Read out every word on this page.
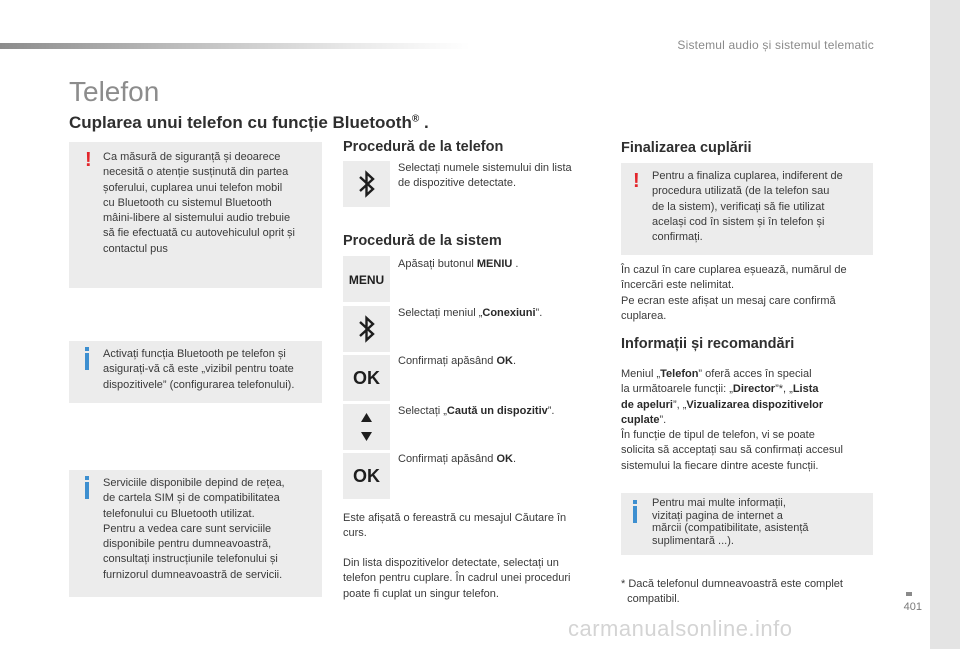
Sistemul audio și sistemul telematic
401
carmanualsonline.info
Telefon
Cuplarea unui telefon cu funcție Bluetooth® .
! Ca măsură de siguranță și deoarece
necesită o atenție susținută din partea
șoferului, cuplarea unui telefon mobil
cu Bluetooth cu sistemul Bluetooth
mâini-libere al sistemului audio trebuie
să fie efectuată cu autovehiculul oprit și
contactul pus
Activați funcția Bluetooth pe telefon și
asigurați-vă că este „vizibil pentru toate
dispozitivele” (configurarea telefonului).
Serviciile disponibile depind de rețea,
de cartela SIM și de compatibilitatea
telefonului cu Bluetooth utilizat.
Pentru a vedea care sunt serviciile
disponibile pentru dumneavoastră,
consultați instrucțiunile telefonului și
furnizorul dumneavoastră de servicii.
Procedură de la telefon
Selectați numele sistemului din lista
de dispozitive detectate.
Procedură de la sistem
MENU
Apăsați butonul MENIU .
Selectați meniul „Conexiuni”.
OK
Confirmați apăsând OK.
Selectați „Caută un dispozitiv”.
OK
Confirmați apăsând OK.
Este afișată o fereastră cu mesajul Căutare în
curs.
Din lista dispozitivelor detectate, selectați un
telefon pentru cuplare. În cadrul unei proceduri
poate fi cuplat un singur telefon.
Finalizarea cuplării
! Pentru a finaliza cuplarea, indiferent de
procedura utilizată (de la telefon sau
de la sistem), verificați să fie utilizat
același cod în sistem și în telefon și
confirmați.
În cazul în care cuplarea eșuează, numărul de
încercări este nelimitat.
Pe ecran este afișat un mesaj care confirmă
cuplarea.
Informații și recomandări
Meniul „Telefon” oferă acces în special
la următoarele funcții: „Director”*, „Lista
de apeluri”, „Vizualizarea dispozitivelor
cuplate”.
În funcție de tipul de telefon, vi se poate
solicita să acceptați sau să confirmați accesul
sistemului la fiecare dintre aceste funcții.
Pentru mai multe informații,
vizitați pagina de internet a
mărcii (compatibilitate, asistență
suplimentară ...).
* Dacă telefonul dumneavoastră este complet
compatibil.
